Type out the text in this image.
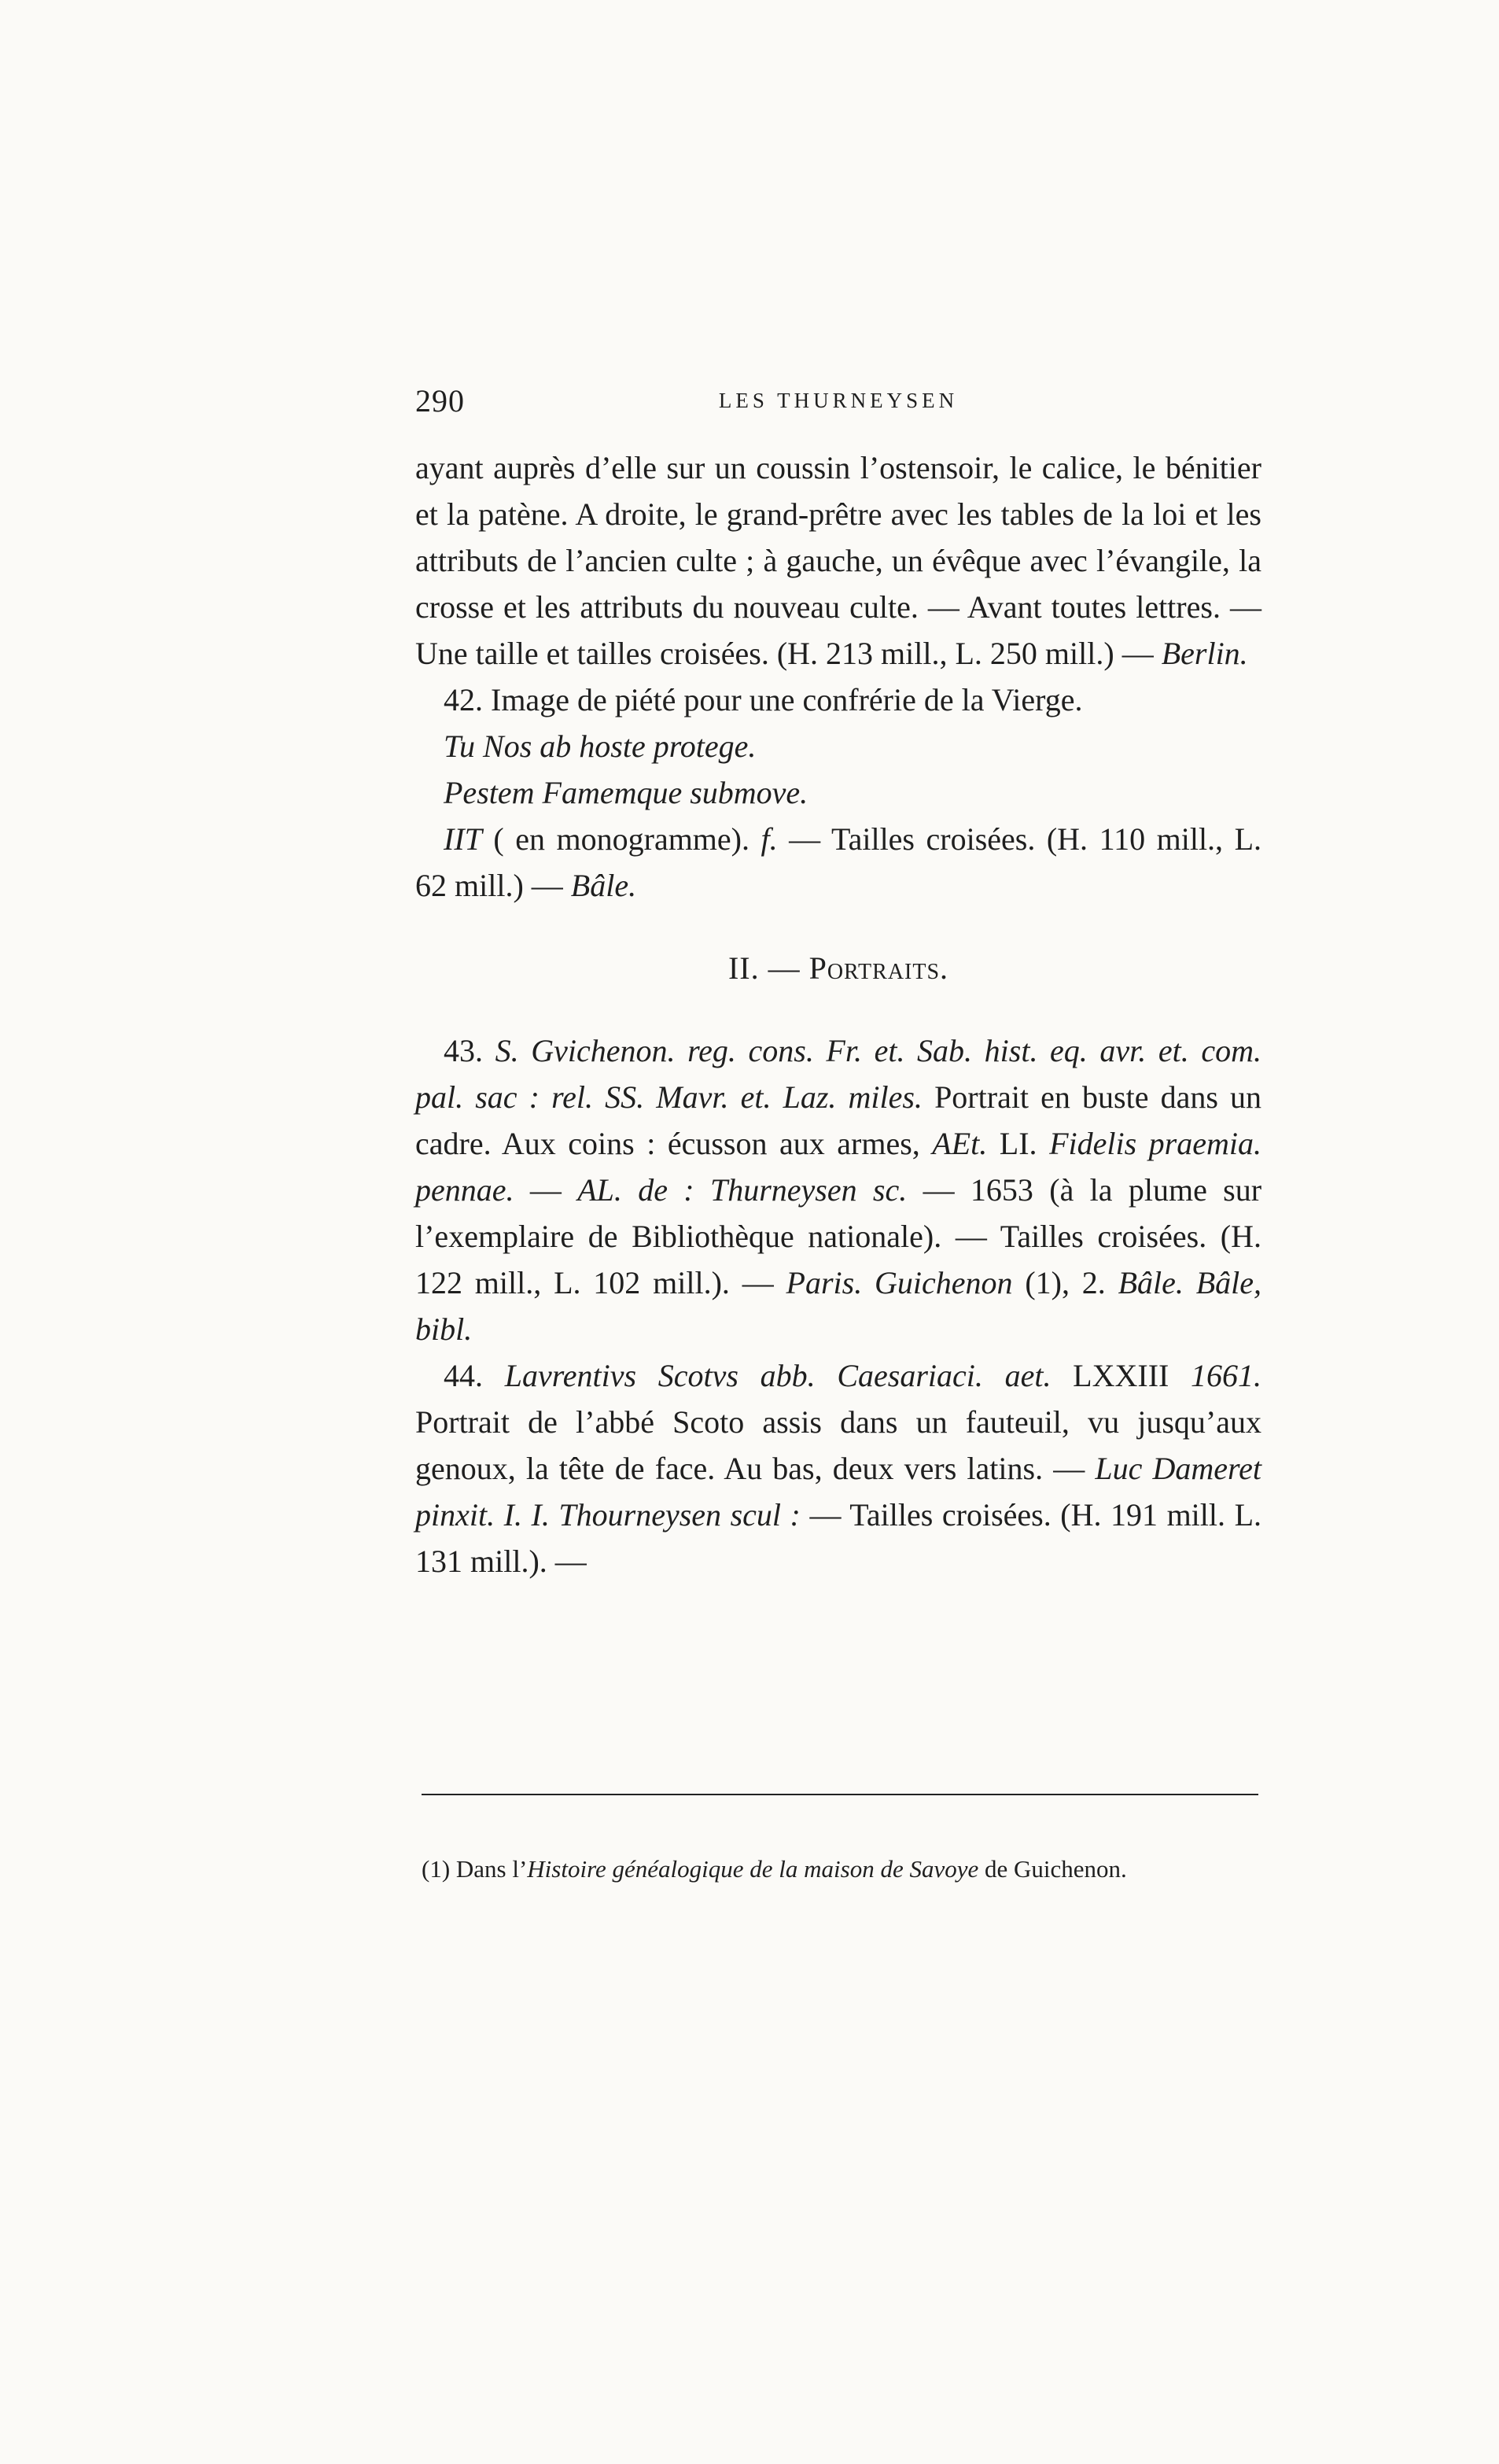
290	LES THURNEYSEN

ayant auprès d’elle sur un coussin l’ostensoir, le calice, le bénitier et la patène. A droite, le grand-prêtre avec les tables de la loi et les attributs de l’ancien culte ; à gauche, un évêque avec l’évangile, la crosse et les attributs du nouveau culte. — Avant toutes lettres. — Une taille et tailles croisées. (H. 213 mill., L. 250 mill.) — Berlin.

42. Image de piété pour une confrérie de la Vierge.

Tu Nos ab hoste protege.

Pestem Famemque submove.

IIT ( en monogramme). f. — Tailles croisées. (H. 110 mill., L. 62 mill.) — Bâle.

II. — Portraits.

43. S. Gvichenon. reg. cons. Fr. et. Sab. hist. eq. avr. et. com. pal. sac : rel. SS. Mavr. et. Laz. miles. Portrait en buste dans un cadre. Aux coins : écusson aux armes, AEt. LI. Fidelis praemia. pennae. — AL. de : Thurneysen sc. — 1653 (à la plume sur l’exemplaire de Bibliothèque nationale). — Tailles croisées. (H. 122 mill., L. 102 mill.). — Paris. Guichenon (1), 2. Bâle. Bâle, bibl.

44. Lavrentivs Scotvs abb. Caesariaci. aet. LXXIII 1661. Portrait de l’abbé Scoto assis dans un fauteuil, vu jusqu’aux genoux, la tête de face. Au bas, deux vers latins. — Luc Dameret pinxit. I. I. Thourneysen scul : — Tailles croisées. (H. 191 mill. L. 131 mill.). —

(1) Dans l’Histoire généalogique de la maison de Savoye de Guichenon.
